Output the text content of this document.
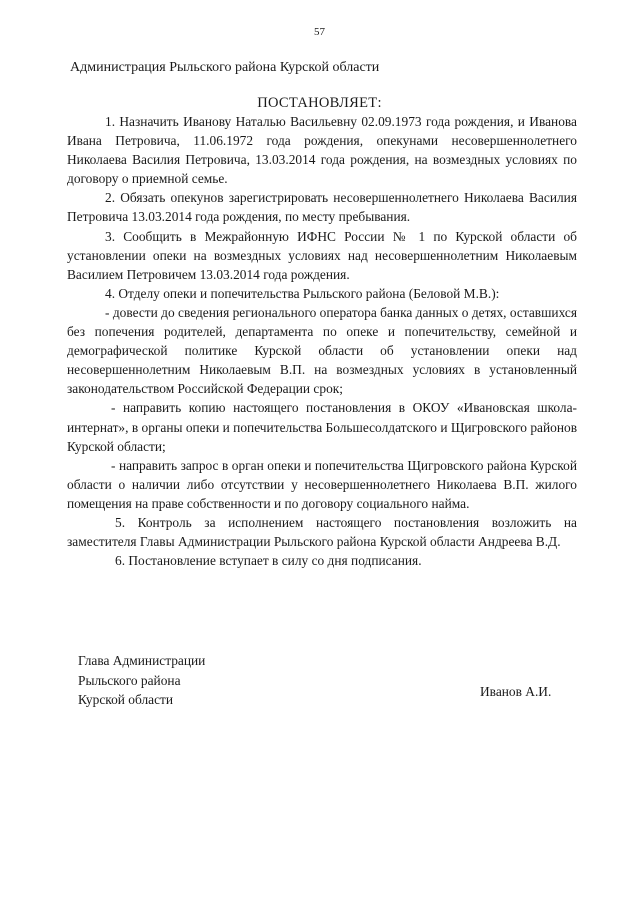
57
Администрация Рыльского района Курской области
ПОСТАНОВЛЯЕТ:

1. Назначить Иванову Наталью Васильевну 02.09.1973 года рождения, и Иванова Ивана Петровича, 11.06.1972 года рождения, опекунами несовершеннолетнего Николаева Василия Петровича, 13.03.2014 года рождения, на возмездных условиях по договору о приемной семье.

2. Обязать опекунов зарегистрировать несовершеннолетнего Николаева Василия Петровича 13.03.2014 года рождения, по месту пребывания.

3. Сообщить в Межрайонную ИФНС России № 1 по Курской области об установлении опеки на возмездных условиях над несовершеннолетним Николаевым Василием Петровичем 13.03.2014 года рождения.

4. Отделу опеки и попечительства Рыльского района (Беловой М.В.):

- довести до сведения регионального оператора банка данных о детях, оставшихся без попечения родителей, департамента по опеке и попечительству, семейной и демографической политике Курской области об установлении опеки над несовершеннолетним Николаевым В.П. на возмездных условиях в установленный законодательством Российской Федерации срок;

- направить копию настоящего постановления в ОКОУ «Ивановская школа-интернат», в органы опеки и попечительства Большесолдатского и Щигровского районов Курской области;

- направить запрос в орган опеки и попечительства Щигровского района Курской области о наличии либо отсутствии у несовершеннолетнего Николаева В.П. жилого помещения на праве собственности и по договору социального найма.

5. Контроль за исполнением настоящего постановления возложить на заместителя Главы Администрации Рыльского района Курской области Андреева В.Д.

6. Постановление вступает в силу со дня подписания.

Глава Администрации
Рыльского района
Курской области
Иванов А.И.
